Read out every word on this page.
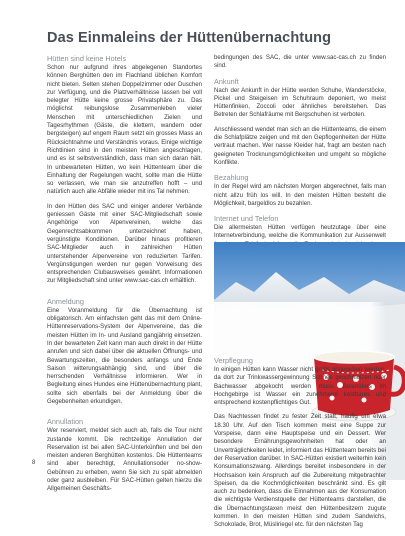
Das Einmaleins der Hüttenübernachtung
Hütten sind keine Hotels

Schon nur aufgrund ihres abgelegenen Standortes können Berghütten den im Flachland üblichen Komfort nicht bieten. Selten stehen Doppelzimmer oder Duschen zur Verfügung, und die Platzverhältnisse lassen bei voll belegter Hütte keine grosse Privatsphäre zu. Das möglichst reibungslose Zusammenleben vieler Menschen mit unterschiedlichen Zielen und Tagesrhythmen (Gäste, die klettern, wandern oder bergsteigen) auf engem Raum setzt ein grosses Mass an Rücksichtnahme und Verständnis voraus. Einige wichtige Richtlinien sind in den meisten Hütten angeschlagen, und es ist selbstverständlich, dass man sich daran hält. In unbewarteten Hütten, wo kein Hüttenteam über die Einhaltung der Regelungen wacht, sollte man die Hütte so verlassen, wie man sie anzutreffen hofft – und natürlich auch alle Abfälle wieder mit ins Tal nehmen.

In den Hütten des SAC und einiger anderer Verbände geniessen Gäste mit einer SAC-Mitgliedschaft sowie Angehörige von Alpenvereinen, welche das Gegenrechtsabkommen unterzeichnet haben, vergünstigte Konditionen. Darüber hinaus profitieren SAC-Mitglieder auch in zahlreichen Hütten unterstehender Alpenvereine von reduzierten Tarifen. Vergünstigungen werden nur gegen Vorweisung des entsprechenden Clubausweises gewährt. Informationen zur Mitgliedschaft sind unter www.sac-cas.ch erhältlich.

Anmeldung

Eine Voranmeldung für die Übernachtung ist obligatorisch. Am einfachsten geht das mit dem Online-Hüttenreservations-System der Alpenvereine, das die meisten Hütten im In- und Ausland gangjährig einsetzen. In der bewarteten Zeit kann man auch direkt in der Hütte anrufen und sich dabei über die aktuellen Öffnungs- und Bewartungszeiten, die besonders anfangs und Ende Saison witterungsabhängig sind, und über die herrschenden Verhältnisse informieren. Wer in Begleitung eines Hundes eine Hüttenübernachtung plant, sollte sich ebenfalls bei der Anmeldung über die Gegebenheiten erkundigen.

Annullation

Wer reserviert, meldet sich auch ab, falls die Tour nicht zustande kommt. Die rechtzeitige Annullation der Reservation ist bei allen SAC-Unterkünften und bei den meisten anderen Berghütten kostenlos. Die Hüttenteams sind aber berechtigt, Annullationsoder no-show-Gebühren zu erheben, wenn Sie sich zu spät abmelden oder ganz ausbleiben. Für SAC-Hütten gelten hierzu die Allgemeinen Geschäfts-

bedingungen des SAC, die unter www.sac-cas.ch zu finden sind.

Ankunft

Nach der Ankunft in der Hütte werden Schuhe, Wanderstöcke, Pickel und Steigeisen im Schuhraum deponiert, wo meist Hüttenfinken, Zoccoli oder ähnliches bereitstehen. Das Betreten der Schlafräume mit Bergschuhen ist verboten.

Anschliessend wendet man sich an die Hüttenteams, die einem die Schlafplätze zeigen und mit den Gepflogenheiten der Hütte vertraut machen. Wer nasse Kleider hat, fragt am besten nach geeigneten Trocknungsmöglichkeiten und umgeht so mögliche Konflikte.

Bezahlung

In der Regel wird am nächsten Morgen abgerechnet, falls man nicht allzu früh los will. In den meisten Hütten besteht die Möglichkeit, bargeldlos zu bezahlen.

Internet und Telefon

Die allermeisten Hütten verfügen heutzutage über eine Internetverbindung, welche die Kommunikation zur Aussenwelt

Verpflegung

In einigen Hütten kann Wasser nicht gratis abgegeben werden, da dort zur Trinkwassergewinnung Schnee geschmolzen oder Bachwasser abgekocht werden muss. Besonders im Hochgebirge ist Wasser ein zunehmend kostbares und entsprechend kostenpflichtiges Gut.

Das Nachtessen findet zu fester Zeit statt, häufig um etwa 18.30 Uhr. Auf den Tisch kommen meist eine Suppe zur Vorspeise, dann eine Hauptspeise und ein Dessert. Wer besondere Ernährungsgewohnheiten hat oder an Unverträglichkeiten leidet, informiert das Hüttenteam bereits bei der Reservation darüber. In SAC-Hütten existiert weiterhin kein Konsumationszwang. Allerdings bereitet insbesondere in der Hochsaison kein Anspruch auf die Zubereitung mitgebrachter Speisen, da die Kochmöglichkeiten beschränkt sind. Es gilt auch zu bedenken, dass die Einnahmen aus der Konsumation die wichtigste Verdienstquelle der Hüttenteams darstellen, die die Übernachtungstaxen meist den Hüttenbesitzern zugute kommen. In den meisten Hütten sind zudem Sandwichs, Schokolade, Brot, Müsliriegel etc. für den nächsten Tag

8
